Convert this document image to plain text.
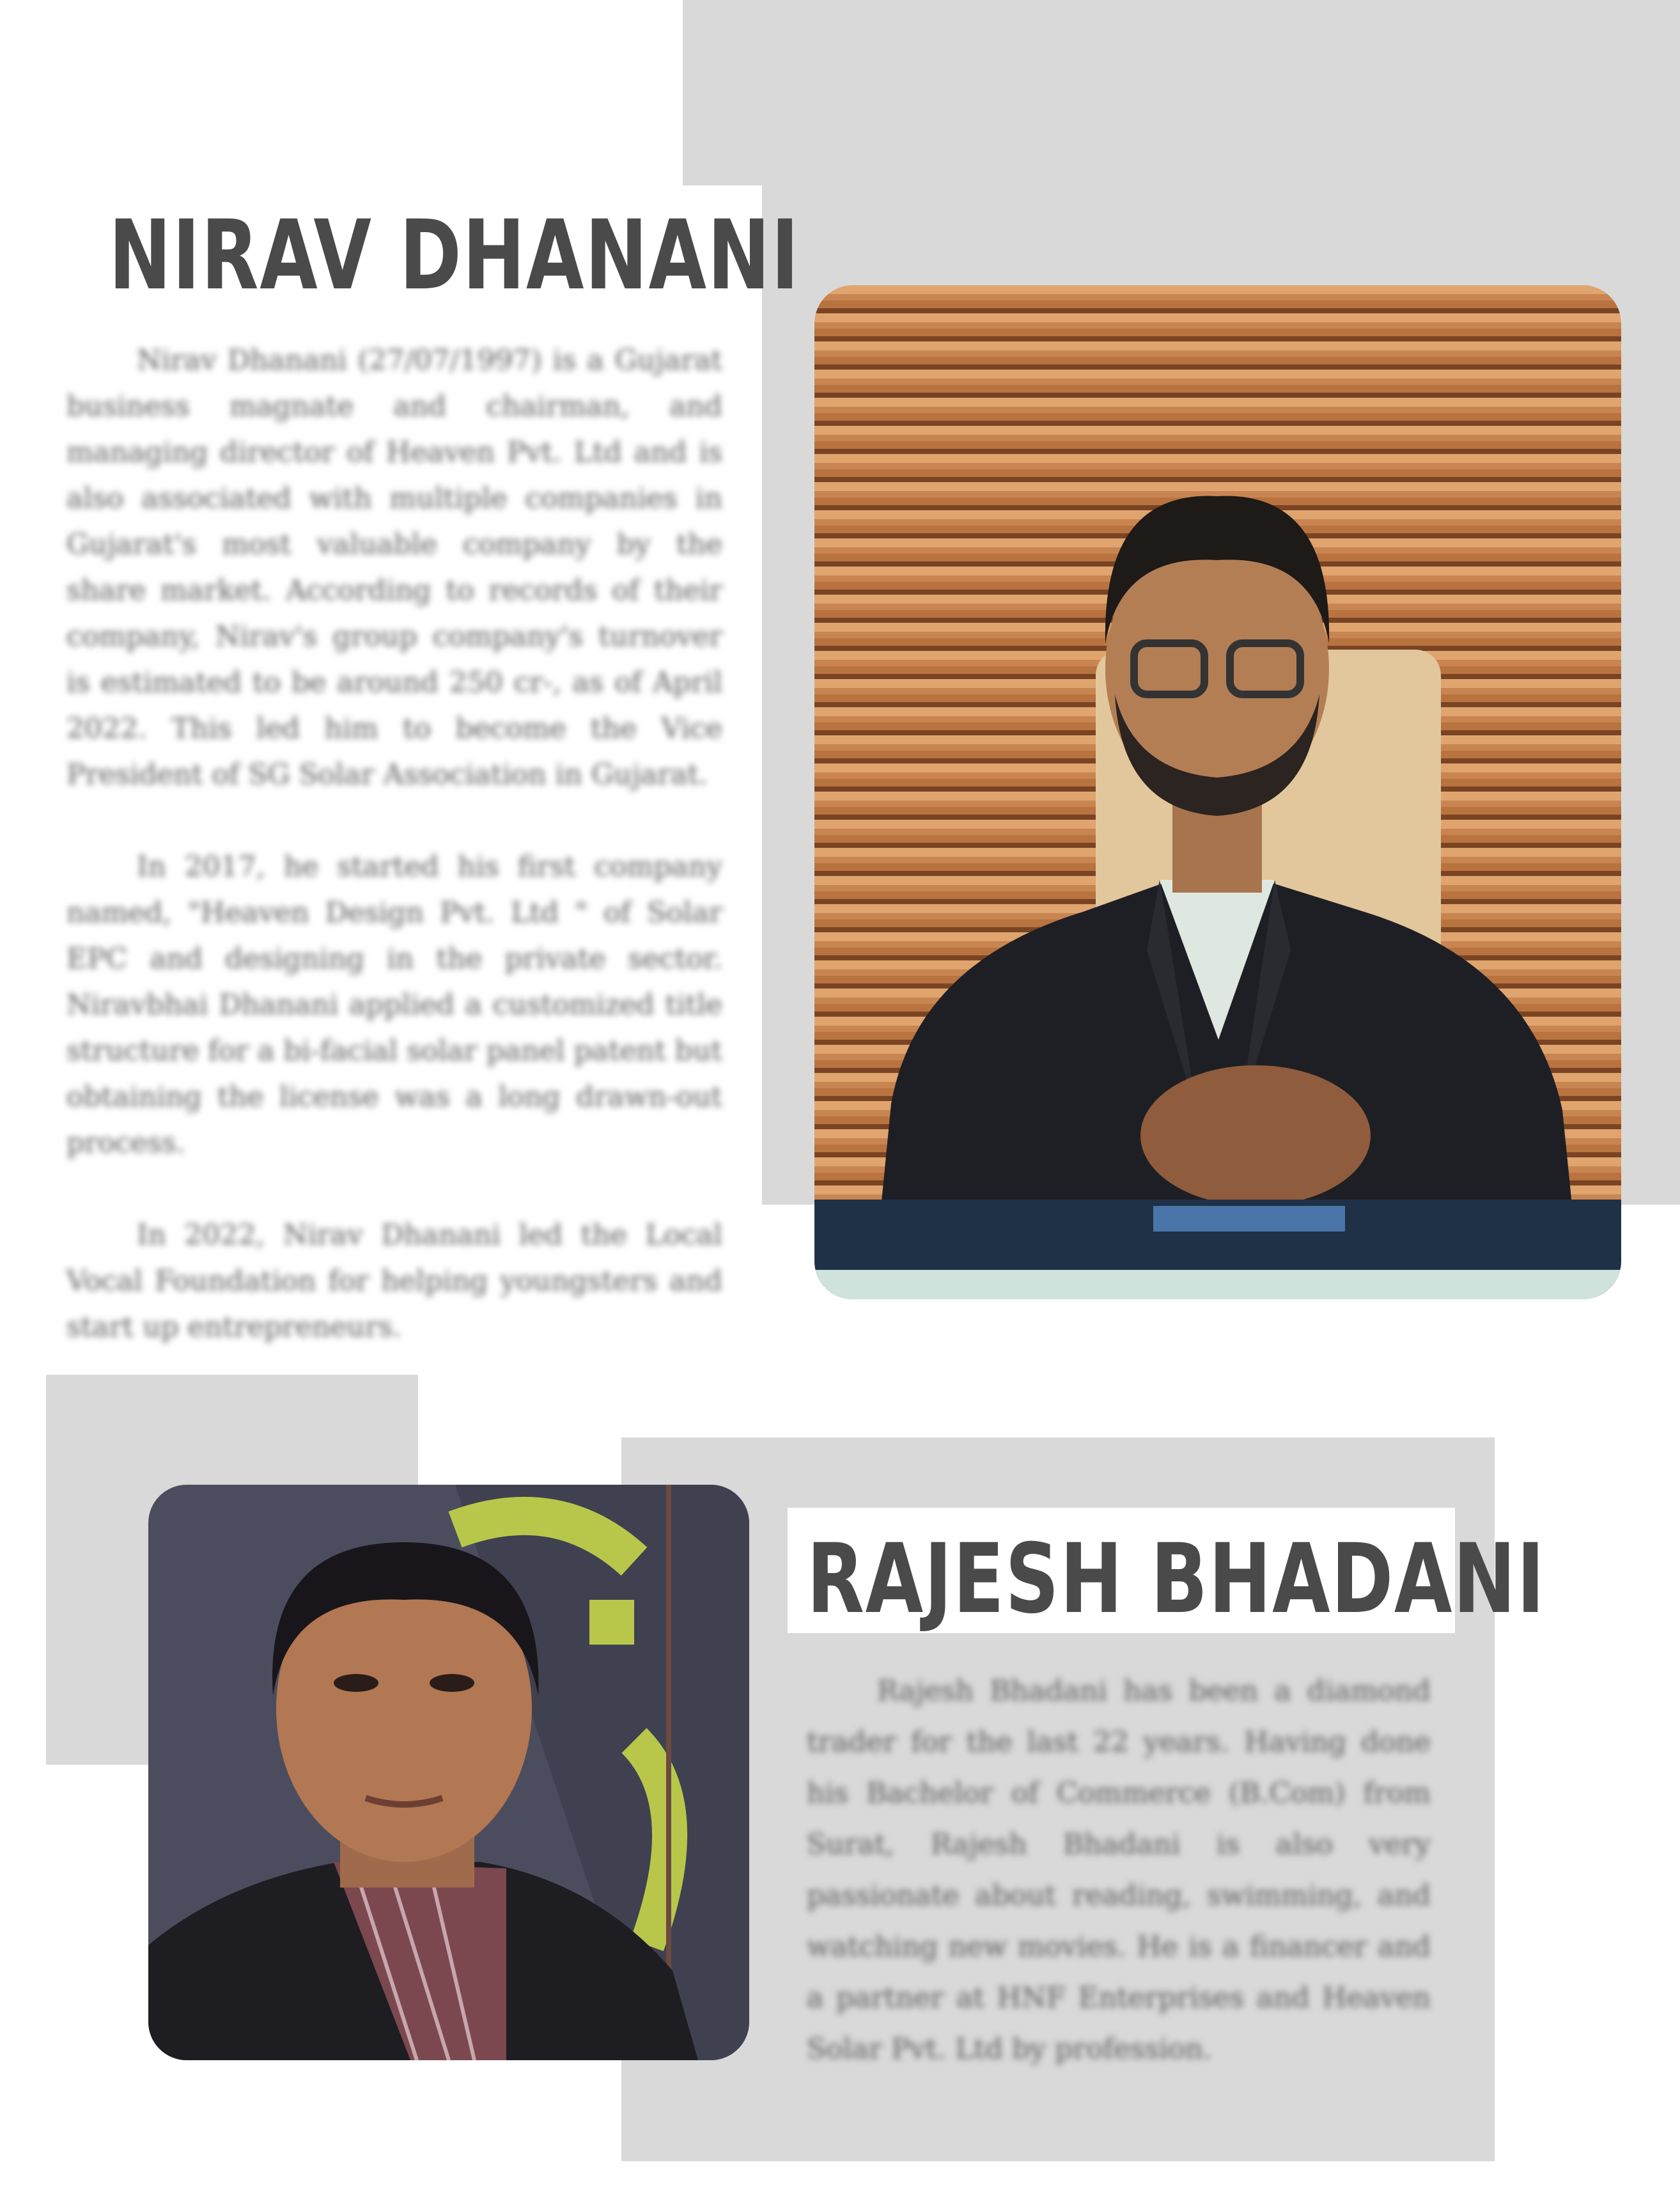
NIRAV DHANANI

Nirav Dhanani (27/07/1997) is a Gujarat business magnate and chairman, and managing director of Heaven Pvt. Ltd and is also associated with multiple companies in Gujarat's most valuable company by the share market. According to records of their company, Nirav's group company's turnover is estimated to be around 250 cr-, as of April 2022. This led him to become the Vice President of SG Solar Association in Gujarat.

In 2017, he started his first company named, "Heaven Design Pvt. Ltd " of Solar EPC and designing in the private sector. Niravbhai Dhanani applied a customized title structure for a bi-facial solar panel patent but obtaining the license was a long drawn-out process.

In 2022, Nirav Dhanani led the Local Vocal Foundation for helping youngsters and start up entrepreneurs.

RAJESH BHADANI

Rajesh Bhadani has been a diamond trader for the last 22 years. Having done his Bachelor of Commerce (B.Com) from Surat, Rajesh Bhadani is also very passionate about reading, swimming, and watching new movies. He is a financer and a partner at HNF Enterprises and Heaven Solar Pvt. Ltd by profession.
